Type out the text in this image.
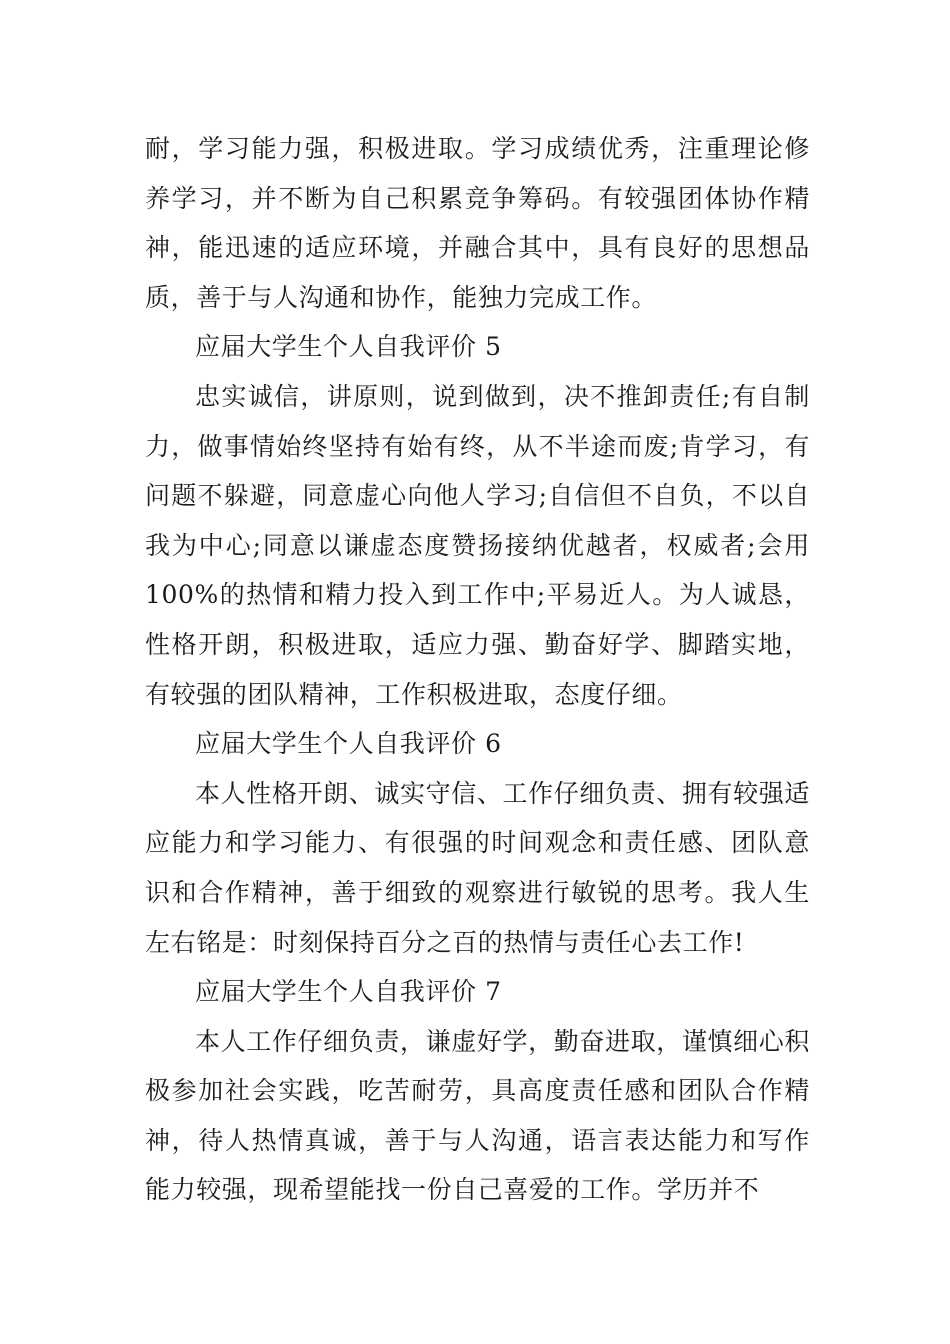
耐，学习能力强，积极进取。学习成绩优秀，注重理论修养学习，并不断为自己积累竞争筹码。有较强团体协作精神，能迅速的适应环境，并融合其中，具有良好的思想品质，善于与人沟通和协作，能独力完成工作。

应届大学生个人自我评价 5

忠实诚信，讲原则，说到做到，决不推卸责任;有自制力，做事情始终坚持有始有终，从不半途而废;肯学习，有问题不躲避，同意虚心向他人学习;自信但不自负，不以自我为中心;同意以谦虚态度赞扬接纳优越者，权威者;会用 100%的热情和精力投入到工作中;平易近人。为人诚恳，性格开朗，积极进取，适应力强、勤奋好学、脚踏实地，有较强的团队精神，工作积极进取，态度仔细。

应届大学生个人自我评价 6

本人性格开朗、诚实守信、工作仔细负责、拥有较强适应能力和学习能力、有很强的时间观念和责任感、团队意识和合作精神，善于细致的观察进行敏锐的思考。我人生左右铭是：时刻保持百分之百的热情与责任心去工作!

应届大学生个人自我评价 7

本人工作仔细负责，谦虚好学，勤奋进取，谨慎细心积极参加社会实践，吃苦耐劳，具高度责任感和团队合作精神，待人热情真诚，善于与人沟通，语言表达能力和写作能力较强，现希望能找一份自己喜爱的工作。学历并不
